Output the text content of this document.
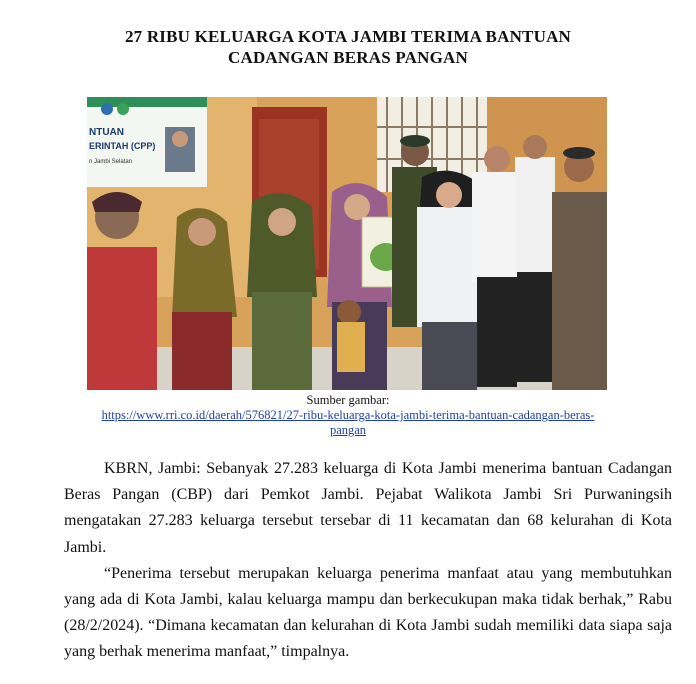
27 RIBU KELUARGA KOTA JAMBI TERIMA BANTUAN
CADANGAN BERAS PANGAN
NTUAN
ERINTAH (CPP)
n Jambi Selatan
Sumber gambar:
https://www.rri.co.id/daerah/576821/27-ribu-keluarga-kota-jambi-terima-bantuan-cadangan-beras-
pangan

KBRN, Jambi: Sebanyak 27.283 keluarga di Kota Jambi menerima bantuan Cadangan Beras Pangan (CBP) dari Pemkot Jambi. Pejabat Walikota Jambi Sri Purwaningsih mengatakan 27.283 keluarga tersebut tersebar di 11 kecamatan dan 68 kelurahan di Kota Jambi.

“Penerima tersebut merupakan keluarga penerima manfaat atau yang membutuhkan yang ada di Kota Jambi, kalau keluarga mampu dan berkecukupan maka tidak berhak,” Rabu (28/2/2024). “Dimana kecamatan dan kelurahan di Kota Jambi sudah memiliki data siapa saja yang berhak menerima manfaat,” timpalnya.
